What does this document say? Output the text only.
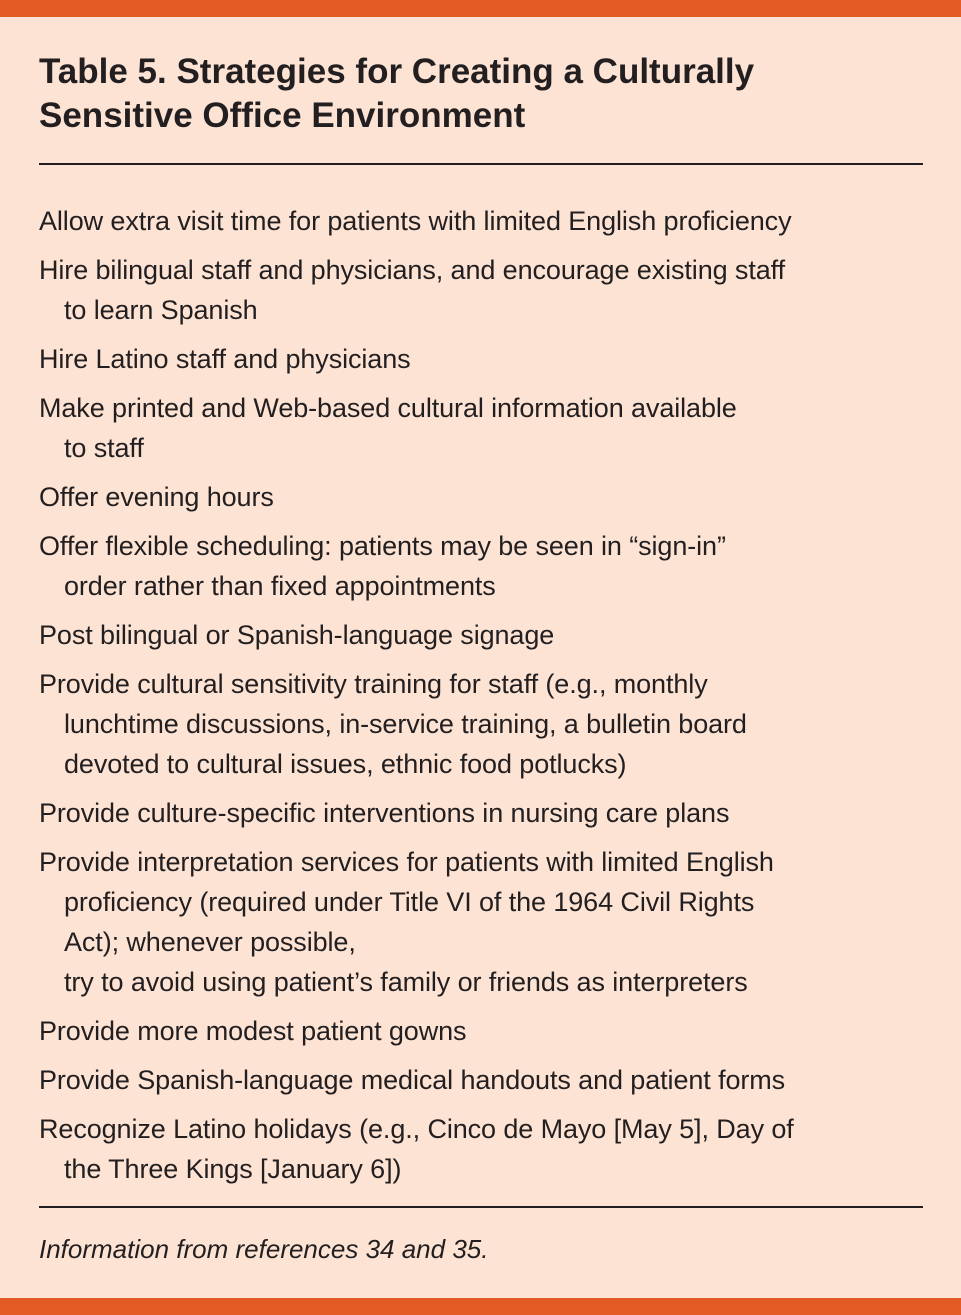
Table 5. Strategies for Creating a Culturally
Sensitive Office Environment
Allow extra visit time for patients with limited English proficiency
Hire bilingual staff and physicians, and encourage existing staff
to learn Spanish
Hire Latino staff and physicians
Make printed and Web-based cultural information available
to staff
Offer evening hours
Offer flexible scheduling: patients may be seen in “sign-in”
order rather than fixed appointments
Post bilingual or Spanish-language signage
Provide cultural sensitivity training for staff (e.g., monthly
lunchtime discussions, in-service training, a bulletin board
devoted to cultural issues, ethnic food potlucks)
Provide culture-specific interventions in nursing care plans
Provide interpretation services for patients with limited English
proficiency (required under Title VI of the 1964 Civil Rights
Act); whenever possible,
try to avoid using patient’s family or friends as interpreters
Provide more modest patient gowns
Provide Spanish-language medical handouts and patient forms
Recognize Latino holidays (e.g., Cinco de Mayo [May 5], Day of
the Three Kings [January 6])

Information from references 34 and 35.
